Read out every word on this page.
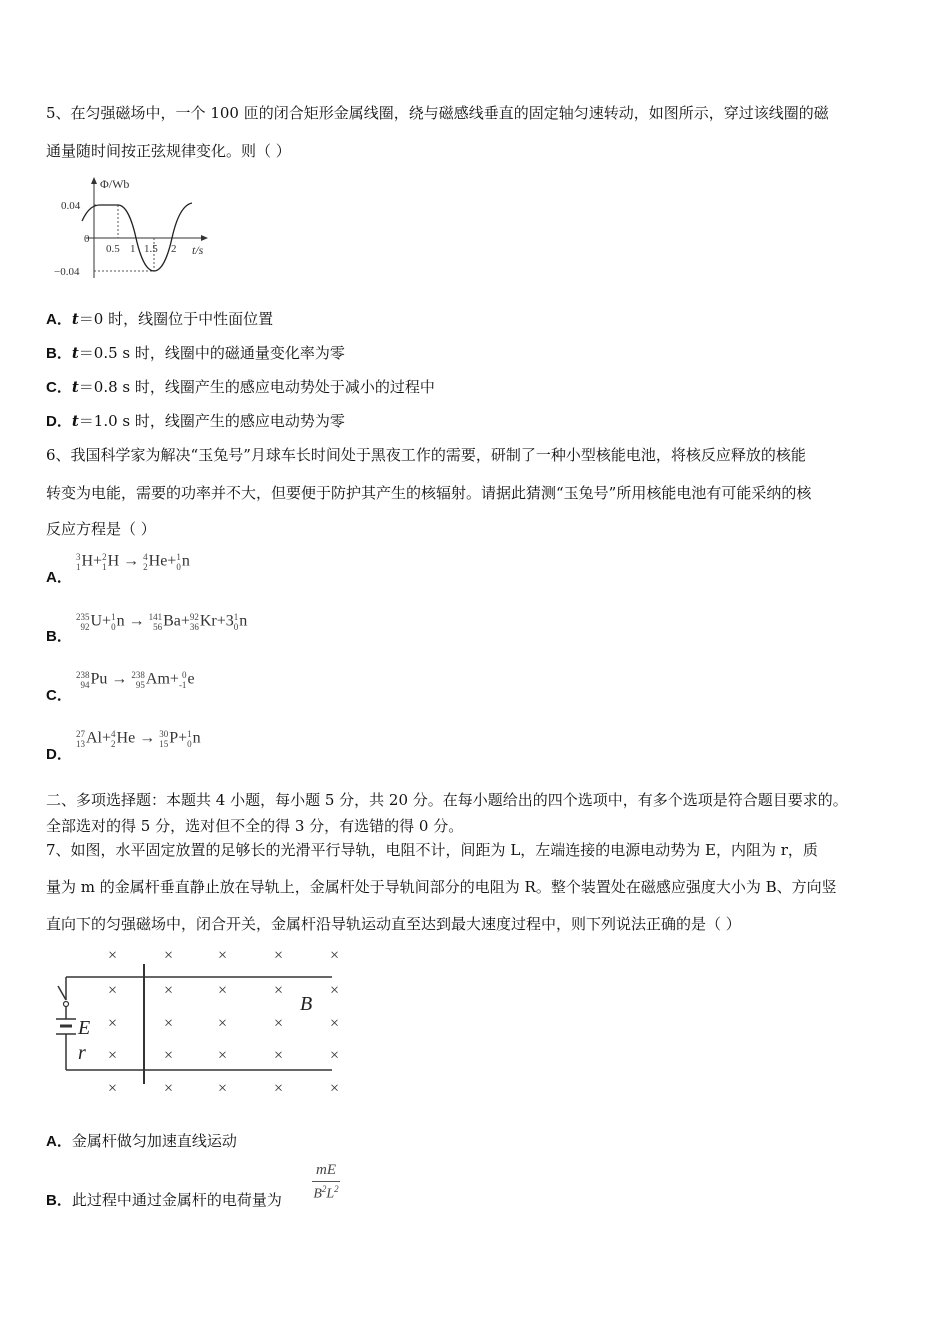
5、在匀强磁场中，一个 100 匝的闭合矩形金属线圈，绕与磁感线垂直的固定轴匀速转动，如图所示，穿过该线圈的磁
通量随时间按正弦规律变化。则（ ）
Φ/Wb
t/s
0.04
0
−0.04
0.5 1 1.5 2
A．t＝0 时，线圈位于中性面位置
B．t＝0.5 s 时，线圈中的磁通量变化率为零
C．t＝0.8 s 时，线圈产生的感应电动势处于减小的过程中
D．t＝1.0 s 时，线圈产生的感应电动势为零
6、我国科学家为解决“玉兔号”月球车长时间处于黑夜工作的需要，研制了一种小型核能电池，将核反应释放的核能
转变为电能，需要的功率并不大，但要便于防护其产生的核辐射。请据此猜测“玉兔号”所用核能电池有可能采纳的核
反应方程是（ ）
A．
3
1 H+ 2
1 H → 4
2 He+ 1
0 n
B．
235
92 U+ 1
0 n → 141
56 Ba+ 92
36 Kr+3 1
0 n
C．
238
94 Pu → 238
95 Am+ 0
-1 e
D．
27
13 Al+ 4
2 He → 30
15 P+ 1
0 n
二、多项选择题：本题共 4 小题，每小题 5 分，共 20 分。在每小题给出的四个选项中，有多个选项是符合题目要求的。
全部选对的得 5 分，选对但不全的得 3 分，有选错的得 0 分。
7、如图，水平固定放置的足够长的光滑平行导轨，电阻不计，间距为 L，左端连接的电源电动势为 E，内阻为 r，质
量为 m 的金属杆垂直静止放在导轨上，金属杆处于导轨间部分的电阻为 R。整个装置处在磁感应强度大小为 B、方向竖
直向下的匀强磁场中，闭合开关，金属杆沿导轨运动直至达到最大速度过程中，则下列说法正确的是（ ）
E
r
B
×	×	×	×	×
×	×	×	×	×
×	×	×	×	×
×	×	×	×	×
×	×	×	×	×
A．金属杆做匀加速直线运动
B．此过程中通过金属杆的电荷量为 $\frac{mE}{B^2L^2}$
